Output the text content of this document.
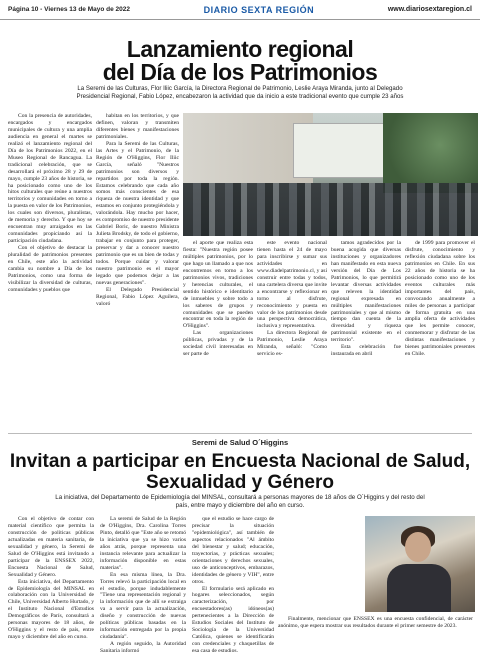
Página 10 - Viernes 13 de Mayo de 2022	DIARIO SEXTA REGIÓN	www.diariosextaregion.cl
Lanzamiento regional
del Día de los Patrimonios
La Seremi de las Culturas, Flor Iliic García, la Directora Regional de Patrimonio, Leslie Araya Miranda, junto al Delegado Presidencial Regional, Fabio López, encabezaron la actividad que da inicio a este tradicional evento que cumple 23 años

Con la presencia de autoridades, encargados y encargados municipales de cultura y una amplia audiencia en general el martes se realizó el lanzamiento regional del Día de los Patrimonios 2022, en el Museo Regional de Rancagua. La tradicional celebración, que se desarrollará el próximo 28 y 29 de mayo, cumple 23 años de historia, se ha posicionado como uno de los hitos culturales que reúne a nuestros territorios y comunidades en torno a la puesta en valor de los Patrimonios, los cuales son diversos, pluralistas, de memoria y derecho. Y que hoy se encuentran muy arraigados en las comunidades propiciando así la participación ciudadana.

Con el objetivo de destacar la pluralidad de patrimonios presentes en Chile, este año la actividad cambia su nombre a Día de los Patrimonios, como una forma de visibilizar la diversidad de culturas, comunidades y pueblos que

habitan en los territorios, y que definen, valoran y transmiten diferentes bienes y manifestaciones patrimoniales.

Para la Seremi de las Culturas, las Artes y el Patrimonio, de la Región de O'Higgins, Flor Iliic García, señaló "Nuestros patrimonios son diversos y repartidos por toda la región. Estamos celebrando que cada año somos más conscientes de esa riqueza de nuestra identidad y que estamos en conjunto protegiéndola y valorándola. Hay mucho por hacer, es compromiso de nuestro presidente Gabriel Boric, de nuestro Ministra Julieta Brodsky, de todo el gobierno, trabajar en conjunto para proteger, preservar y dar a conocer nuestro patrimonio que es un bien de todas y todos. Porque cuidar y valorar nuestro patrimonio es el mayor legado que podemos dejar a las nuevas generaciones".

El Delegado Presidencial Regional, Fabio López Aguilera, valoró

el aporte que realiza esta fiesta: "Nuestra región posee múltiples patrimonios, por lo que hago un llamado a que nos encontremos en torno a los patrimonios vivos, tradiciones y herencias culturales, el sentido histórico e identitario de inmuebles y sobre todo a los saberes de grupos y comunidades que se pueden encontrar en toda la región de O'Higgins".

Las organizaciones públicas, privadas y de la sociedad civil interesadas en ser parte de

este evento nacional tienen hasta el 24 de mayo para inscribirse y sumar sus actividades en www.diadelpatrimonio.cl, y así construir entre todas y todos, una cartelera diversa que invite a encontrarse y reflexionar en torno al disfrute, reconocimiento y puesta en valor de los patrimonios desde una perspectiva democrática, inclusiva y representativa.

La directora Regional de Patrimonio, Leslie Araya Miranda, señaló: "Como servicio es-

tamos agradecidos por la buena acogida que diversas instituciones y organizadores han manifestado en esta nueva versión del Día de Los Patrimonios, lo que permitirá levantar diversas actividades que releven la identidad regional expresada en múltiples manifestaciones patrimoniales y que al mismo tiempo dan cuenta de la diversidad y riqueza patrimonial existente en el territorio".

Esta celebración fue instaurada en abril

de 1999 para promover el disfrute, conocimiento y reflexión ciudadana sobre los patrimonios en Chile. En sus 22 años de historia se ha posicionado como uno de los eventos culturales más importantes del país, convocando anualmente a miles de personas a participar de forma gratuita en una amplia oferta de actividades que les permite conocer, conmemorar y disfrutar de las distintas manifestaciones y bienes patrimoniales presentes en Chile.

Seremi de Salud O´Higgins
Invitan a participar en Encuesta Nacional de Salud,
Sexualidad y Género
La iniciativa, del Departamento de Epidemiología del MINSAL, consultará a personas mayores de 18 años de O´Higgins y del resto del país, entre mayo y diciembre del año en curso.

Con el objetivo de contar con material científico que permita la construcción de políticas públicas actualizadas en materia sanitaria, de sexualidad y género, la Seremi de Salud de O'Higgins está invitando a participar de la ENSSEX 2022, Encuesta Nacional de Salud, Sexualidad y Género.

Esta iniciativa, del Departamento de Epidemiología del MINSAL en colaboración con la Universidad de Chile, Universidad Alberto Hurtado, y el Instituto Nacional d'Estudios Demográficos de París, consultará a personas mayores de 18 años, de O'Higgins y el resto de país, entre mayo y diciembre del año en curso.

La seremi de Salud de la Región de O'Higgins, Dra. Carolina Torres Pinto, detalló que "Este año se retomó la iniciativa que ya se hizo varios años atrás, porque representa una instancia relevante para actualizar la información disponible en estas materias".

En esa misma línea, la Dra. Torres relevó la participación local en el estudio, porque indudablemente "Tiene una representación regional y la información que de allí se extraiga va a servir para la actualización, diseño y construcción de nuevas políticas públicas basadas en la información entregada por la propia ciudadanía".

A región seguido, la Autoridad Sanitaria informó

que el estudio se hace cargo de precisar la situación "epidemiológica", así también de aspectos relacionados "Al ámbito del bienestar y salud; educación, trayectorias, y prácticas sexuales; orientaciones y derechos sexuales, uso de anticonceptivos, embarazos, identidades de género y VIH", entre otros.

El formulario será aplicado en hogares seleccionados, según caracterización, por encuestadores(as) idóneos(as) pertenecientes a la Dirección de Estudios Sociales del Instituto de Sociología de la Universidad Católica, quienes se identificarán con credenciales y chaquetillas de esa casa de estudios.

Finalmente, mencionar que ENSSEX es una encuesta confidencial, de carácter anónimo, que espera mostrar sus resultados durante el primer semestre de 2023.
